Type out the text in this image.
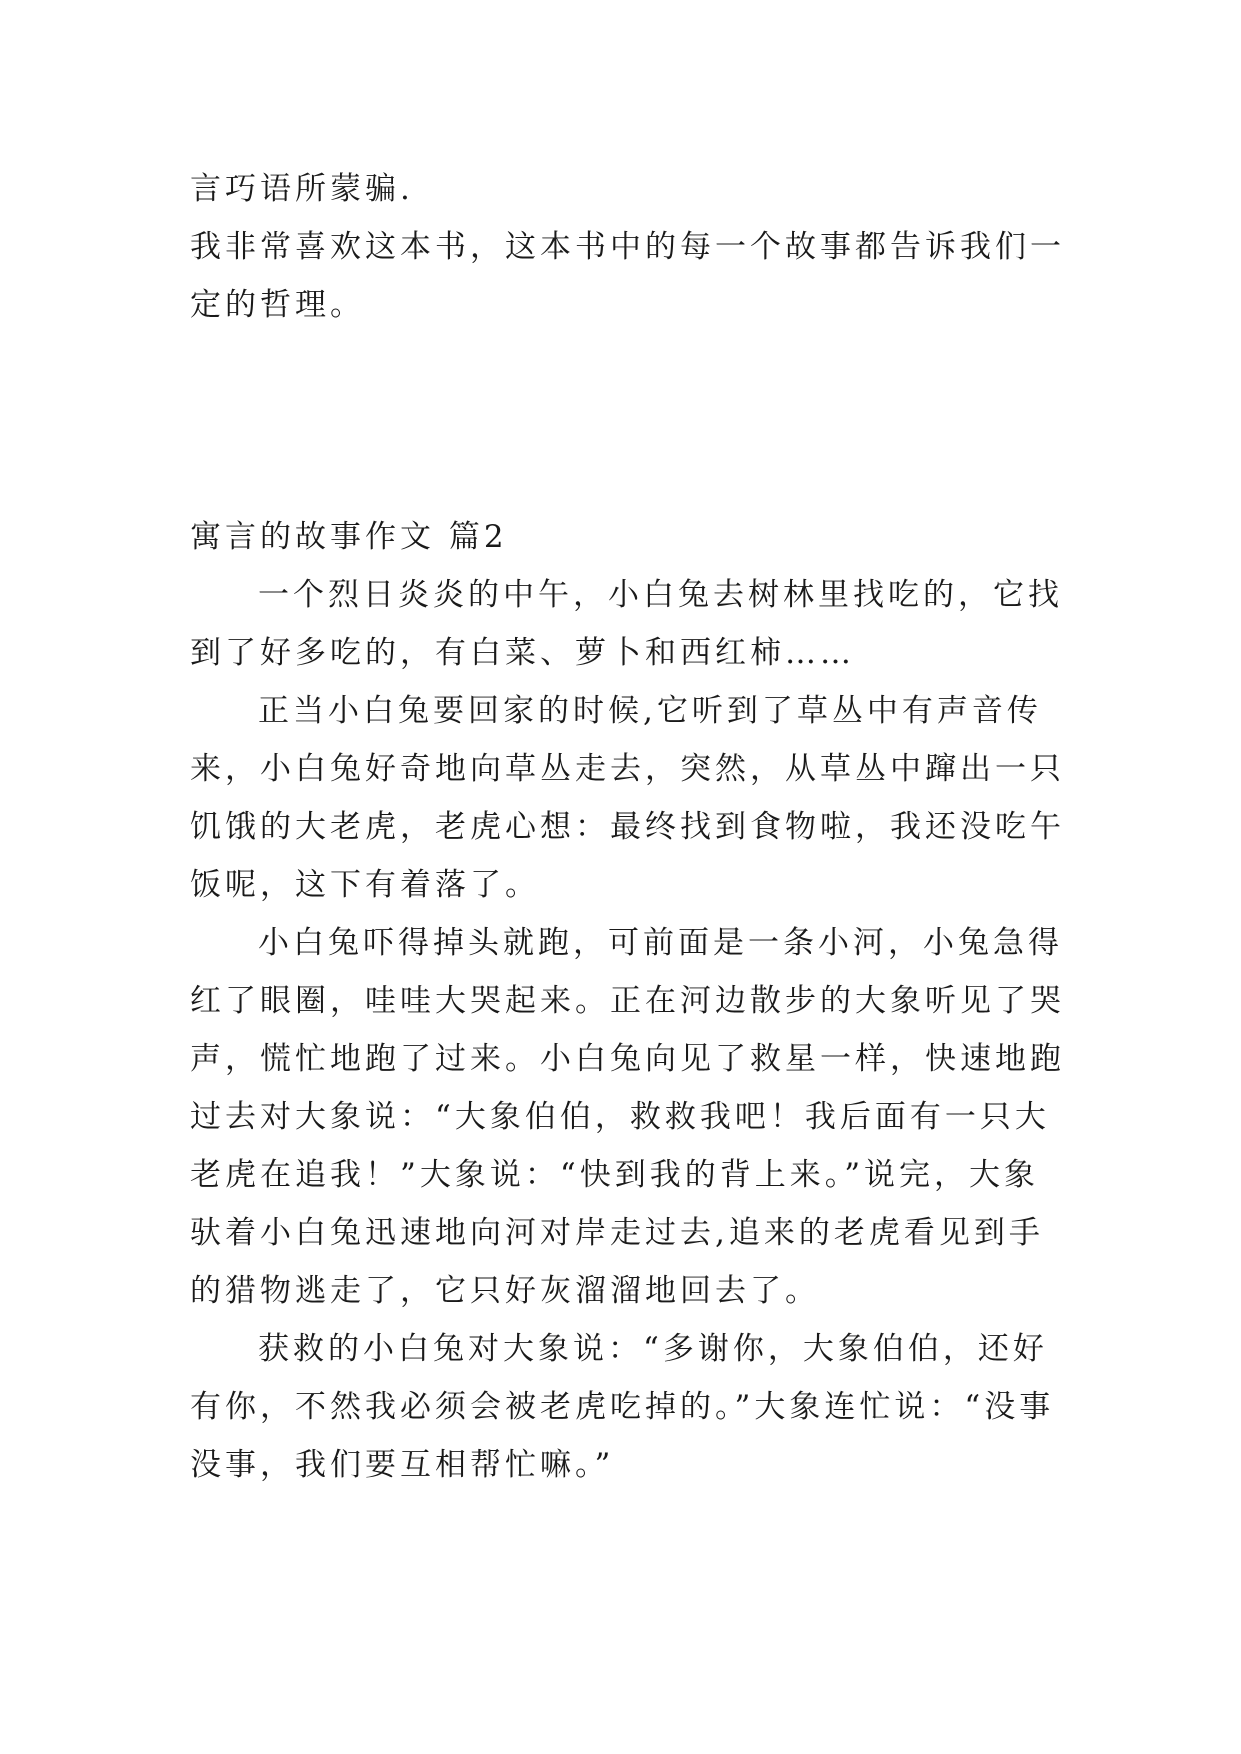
言巧语所蒙骗.

我非常喜欢这本书，这本书中的每一个故事都告诉我们一定的哲理。

寓言的故事作文 篇2

一个烈日炎炎的中午，小白兔去树林里找吃的，它找到了好多吃的，有白菜、萝卜和西红柿……

正当小白兔要回家的时候,它听到了草丛中有声音传来，小白兔好奇地向草丛走去，突然，从草丛中蹿出一只饥饿的大老虎，老虎心想：最终找到食物啦，我还没吃午饭呢，这下有着落了。

小白兔吓得掉头就跑，可前面是一条小河，小兔急得红了眼圈，哇哇大哭起来。正在河边散步的大象听见了哭声，慌忙地跑了过来。小白兔向见了救星一样，快速地跑过去对大象说：“大象伯伯，救救我吧！我后面有一只大老虎在追我！”大象说：“快到我的背上来。”说完，大象驮着小白兔迅速地向河对岸走过去,追来的老虎看见到手的猎物逃走了，它只好灰溜溜地回去了。

获救的小白兔对大象说：“多谢你，大象伯伯，还好有你，不然我必须会被老虎吃掉的。”大象连忙说：“没事没事，我们要互相帮忙嘛。”
